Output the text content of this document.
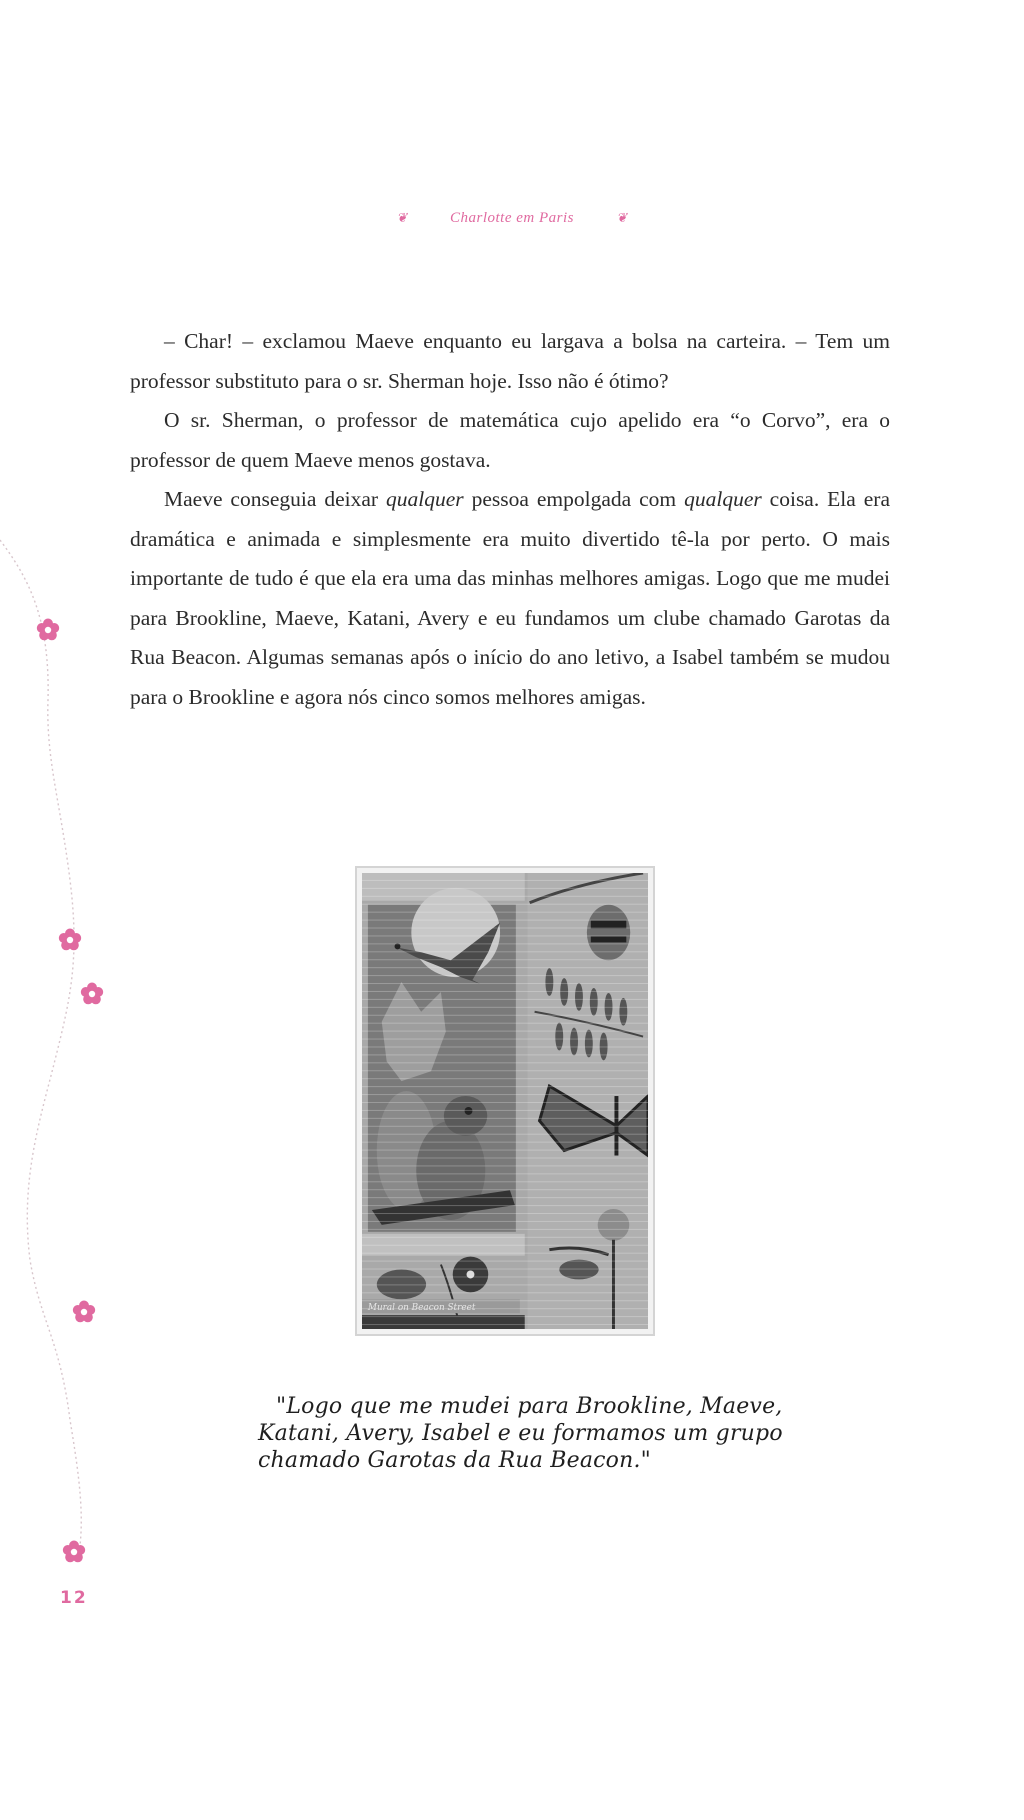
❦	Charlotte em Paris	❦

– Char! – exclamou Maeve enquanto eu largava a bolsa na carteira. – Tem um professor substituto para o sr. Sherman hoje. Isso não é ótimo?

O sr. Sherman, o professor de matemática cujo apelido era “o Corvo”, era o professor de quem Maeve menos gostava.

Maeve conseguia deixar qualquer pessoa empolgada com qualquer coisa. Ela era dramática e animada e simplesmente era muito divertido tê-la por perto. O mais importante de tudo é que ela era uma das minhas melhores amigas. Logo que me mudei para Brookline, Maeve, Katani, Avery e eu fundamos um clube chamado Garotas da Rua Beacon. Algumas semanas após o início do ano letivo, a Isabel também se mudou para o Brookline e agora nós cinco somos melhores amigas.

"Logo que me mudei para Brookline, Maeve, Katani, Avery, Isabel e eu formamos um grupo chamado Garotas da Rua Beacon."
12
